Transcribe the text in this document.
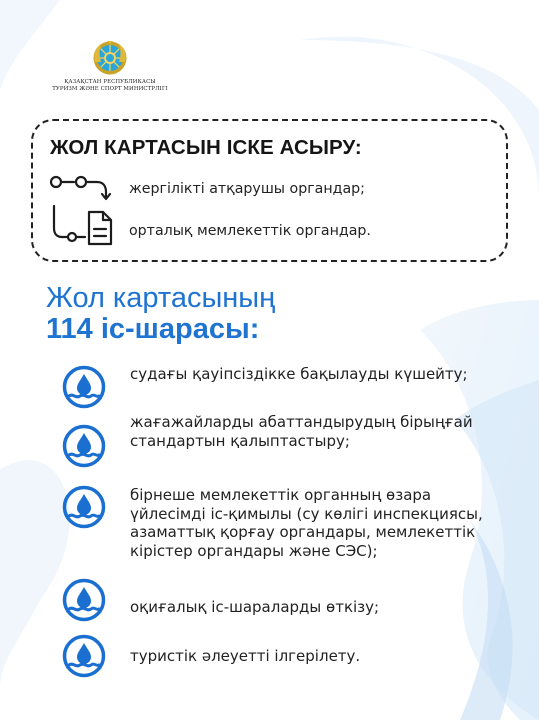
ҚАЗАҚСТАН РЕСПУБЛИКАСЫ
ТУРИЗМ ЖӘНЕ СПОРТ МИНИСТРЛІГІ
ЖОЛ КАРТАСЫН ІСКЕ АСЫРУ:
жергілікті атқарушы органдар;
орталық мемлекеттік органдар.
Жол картасының
114 іс-шарасы:
судағы қауіпсіздікке бақылауды күшейту;
жағажайларды абаттандырудың бірыңғай стандартын қалыптастыру;
бірнеше мемлекеттік органның өзара үйлесімді іс-қимылы (су көлігі инспекциясы, азаматтық қорғау органдары, мемлекеттік кірістер органдары және СЭС);
оқиғалық іс-шараларды өткізу;
туристік әлеуетті ілгерілету.
